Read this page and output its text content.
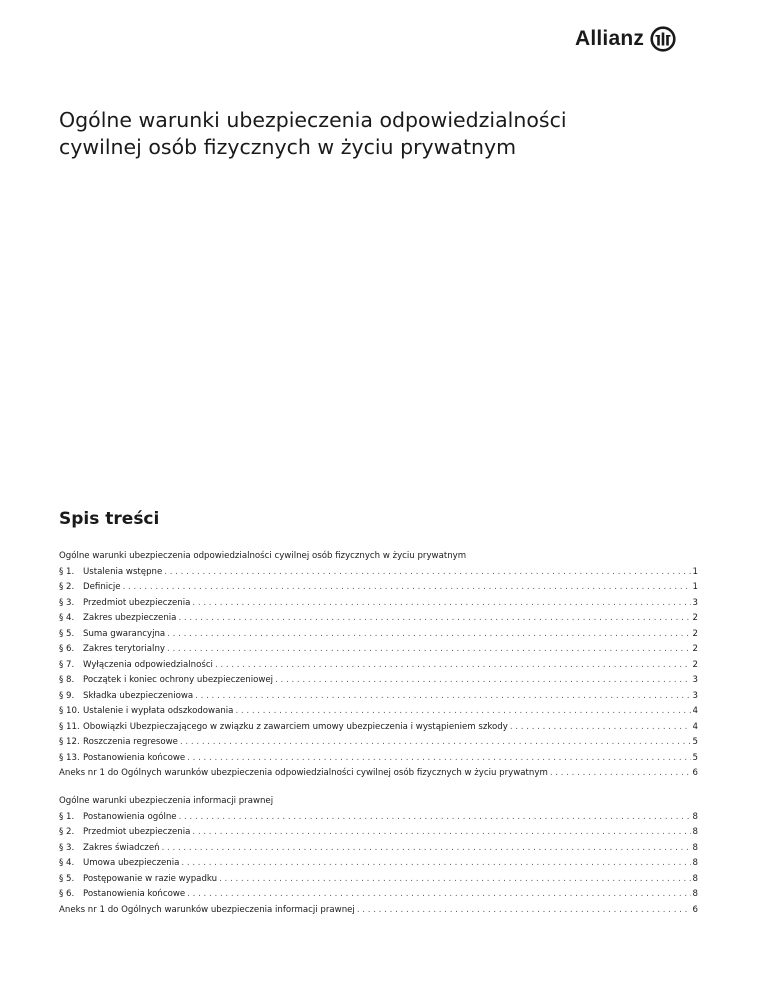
Allianz
Ogólne warunki ubezpieczenia odpowiedzialności
cywilnej osób fizycznych w życiu prywatnym
Spis treści
Ogólne warunki ubezpieczenia odpowiedzialności cywilnej osób fizycznych w życiu prywatnym
§ 1.	Ustalenia wstępne . . .	1
§ 2.	Definicje . . .	1
§ 3.	Przedmiot ubezpieczenia . . .	3
§ 4.	Zakres ubezpieczenia . . .	2
§ 5.	Suma gwarancyjna . . .	2
§ 6.	Zakres terytorialny . . .	2
§ 7.	Wyłączenia odpowiedzialności . . .	2
§ 8.	Początek i koniec ochrony ubezpieczeniowej . . .	3
§ 9.	Składka ubezpieczeniowa . . .	3
§ 10. Ustalenie i wypłata odszkodowania . . .	4
§ 11. Obowiązki Ubezpieczającego w związku z zawarciem umowy ubezpieczenia i wystąpieniem szkody . . .	4
§ 12. Roszczenia regresowe . . .	5
§ 13. Postanowienia końcowe . . .	5
Aneks nr 1 do Ogólnych warunków ubezpieczenia odpowiedzialności cywilnej osób fizycznych w życiu prywatnym . . .	6
Ogólne warunki ubezpieczenia informacji prawnej
§ 1.	Postanowienia ogólne . . .	8
§ 2.	Przedmiot ubezpieczenia . . .	8
§ 3.	Zakres świadczeń . . .	8
§ 4.	Umowa ubezpieczenia . . .	8
§ 5.	Postępowanie w razie wypadku . . .	8
§ 6.	Postanowienia końcowe . . .	8
Aneks nr 1 do Ogólnych warunków ubezpieczenia informacji prawnej . . .	6
